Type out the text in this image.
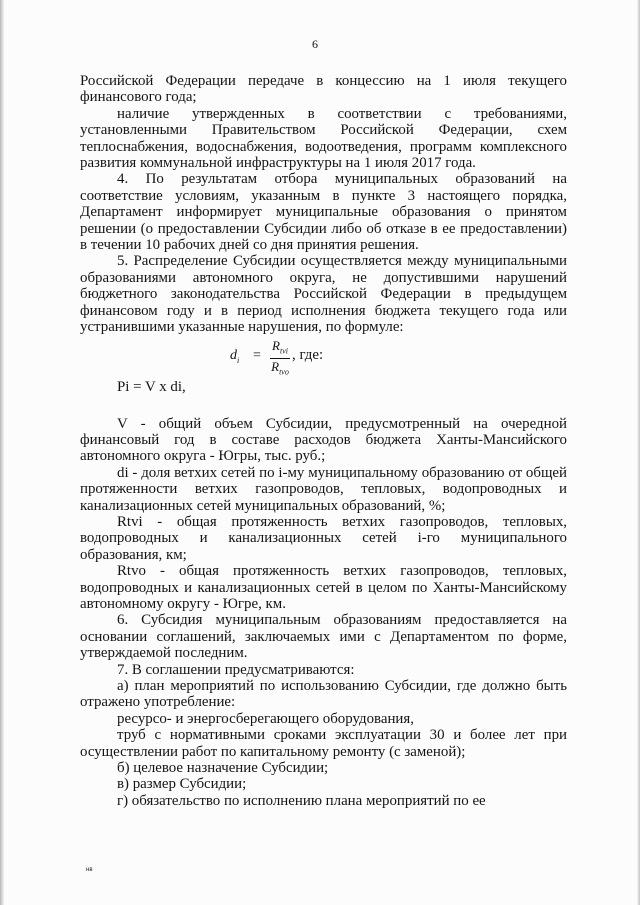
6

Российской Федерации передаче в концессию на 1 июля текущего финансового года;

наличие утвержденных в соответствии с требованиями, установленными Правительством Российской Федерации, схем теплоснабжения, водоснабжения, водоотведения, программ комплексного развития коммунальной инфраструктуры на 1 июля 2017 года.

4. По результатам отбора муниципальных образований на соответствие условиям, указанным в пункте 3 настоящего порядка, Департамент информирует муниципальные образования о принятом решении (о предоставлении Субсидии либо об отказе в ее предоставлении) в течении 10 рабочих дней со дня принятия решения.

5. Распределение Субсидии осуществляется между муниципальными образованиями автономного округа, не допустившими нарушений бюджетного законодательства Российской Федерации в предыдущем финансовом году и в период исполнения бюджета текущего года или устранившими указанные нарушения, по формуле:

Pi = V x di,
$d_i$ =
$R_{tvi}$
$R_{tvo}$
, где:

V - общий объем Субсидии, предусмотренный на очередной финансовый год в составе расходов бюджета Ханты-Мансийского автономного округа - Югры, тыс. руб.;

di - доля ветхих сетей по i-му муниципальному образованию от общей протяженности ветхих газопроводов, тепловых, водопроводных и канализационных сетей муниципальных образований, %;

Rtvi - общая протяженность ветхих газопроводов, тепловых, водопроводных и канализационных сетей i-го муниципального образования, км;

Rtvo - общая протяженность ветхих газопроводов, тепловых, водопроводных и канализационных сетей в целом по Ханты-Мансийскому автономному округу - Югре, км.

6. Субсидия муниципальным образованиям предоставляется на основании соглашений, заключаемых ими с Департаментом по форме, утверждаемой последним.

7. В соглашении предусматриваются:

а) план мероприятий по использованию Субсидии, где должно быть отражено употребление:

ресурсо- и энергосберегающего оборудования,

труб с нормативными сроками эксплуатации 30 и более лет при осуществлении работ по капитальному ремонту (с заменой);

б) целевое назначение Субсидии;

в) размер Субсидии;

г) обязательство по исполнению плана мероприятий по ее

нв
